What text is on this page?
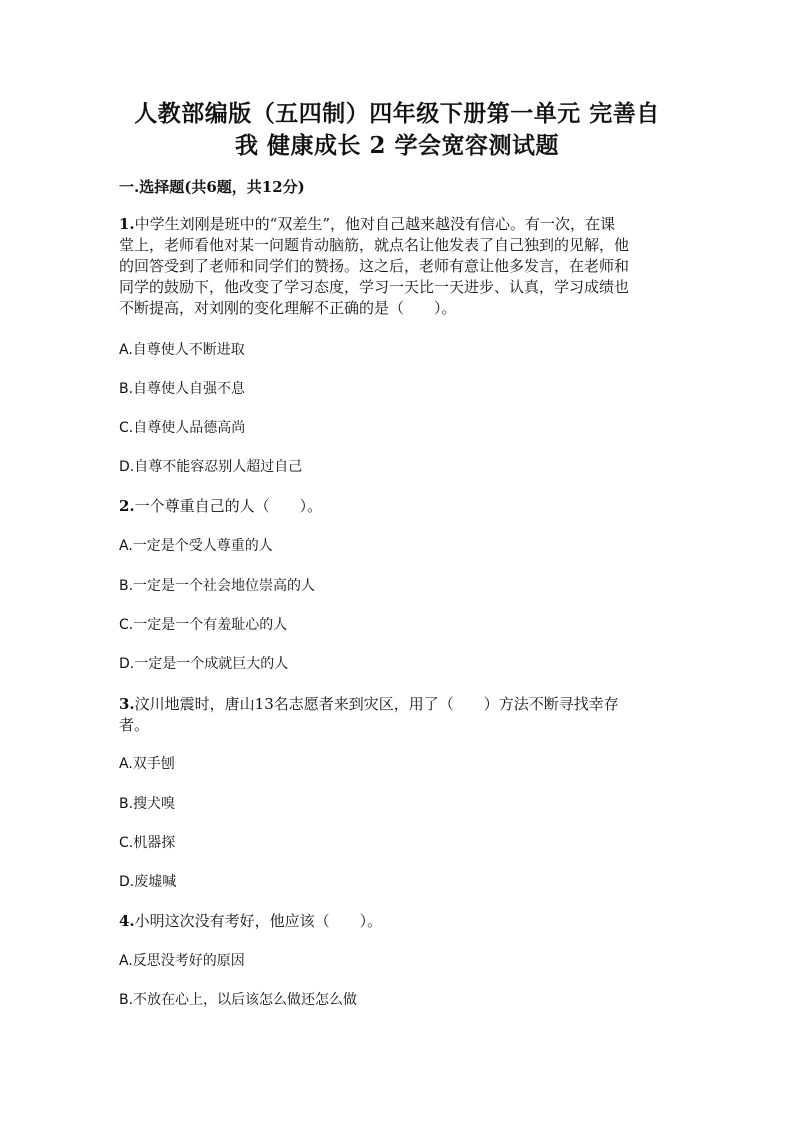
人教部编版（五四制）四年级下册第一单元 完善自
我 健康成长 2 学会宽容测试题
一.选择题(共6题，共12分)
1.中学生刘刚是班中的“双差生”，他对自己越来越没有信心。有一次，在课
堂上，老师看他对某一问题肯动脑筋，就点名让他发表了自己独到的见解，他
的回答受到了老师和同学们的赞扬。这之后，老师有意让他多发言，在老师和
同学的鼓励下，他改变了学习态度，学习一天比一天进步、认真，学习成绩也
不断提高，对刘刚的变化理解不正确的是（　　）。
A.自尊使人不断进取
B.自尊使人自强不息
C.自尊使人品德高尚
D.自尊不能容忍别人超过自己
2.一个尊重自己的人（　　）。
A.一定是个受人尊重的人
B.一定是一个社会地位崇高的人
C.一定是一个有羞耻心的人
D.一定是一个成就巨大的人
3.汶川地震时，唐山13名志愿者来到灾区，用了（　　）方法不断寻找幸存
者。
A.双手刨
B.搜犬嗅
C.机器探
D.废墟喊
4.小明这次没有考好，他应该（　　）。
A.反思没考好的原因
B.不放在心上，以后该怎么做还怎么做
